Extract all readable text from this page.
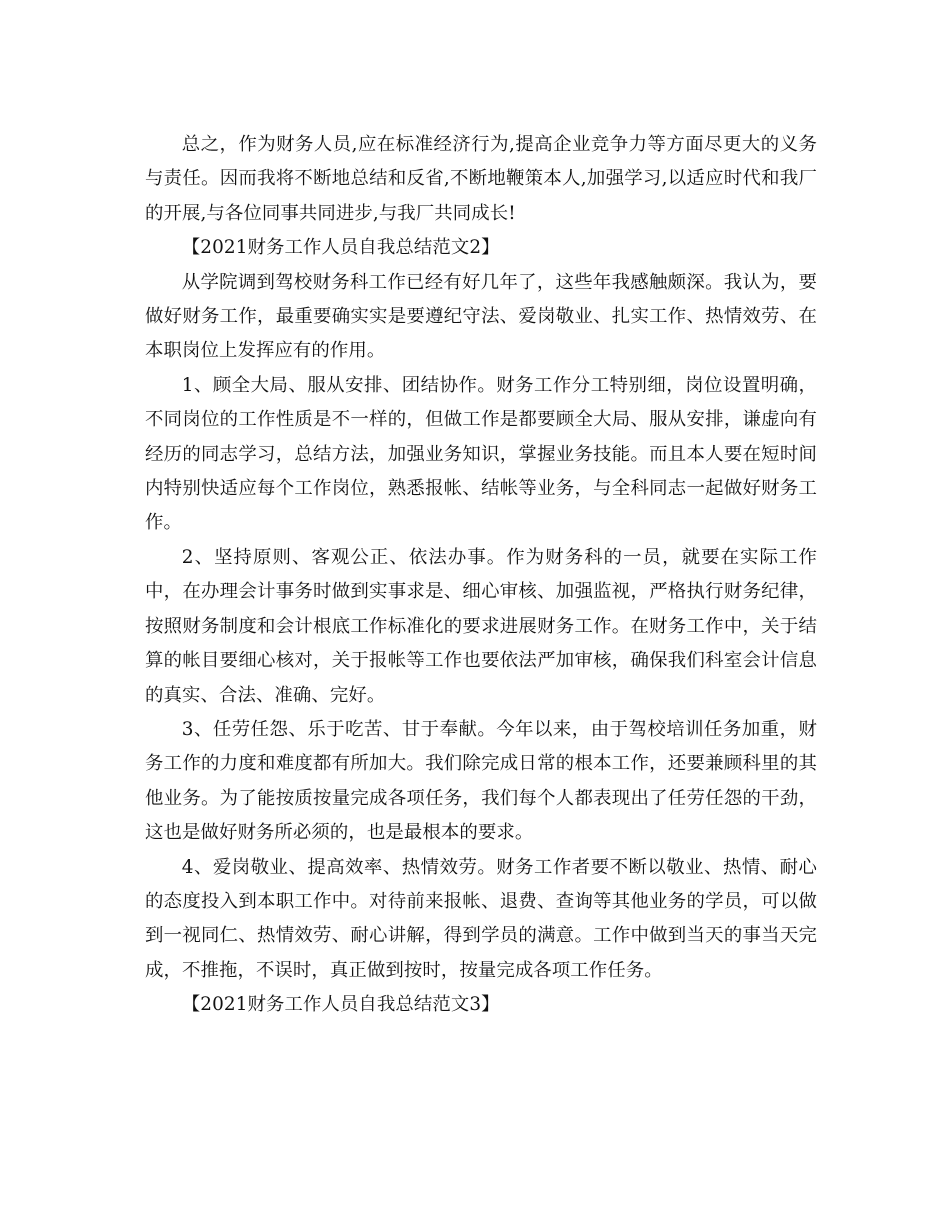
总之，作为财务人员,应在标准经济行为,提高企业竞争力等方面尽更大的义务与责任。因而我将不断地总结和反省,不断地鞭策本人,加强学习,以适应时代和我厂的开展,与各位同事共同进步,与我厂共同成长!

【2021财务工作人员自我总结范文2】

从学院调到驾校财务科工作已经有好几年了，这些年我感触颇深。我认为，要做好财务工作，最重要确实实是要遵纪守法、爱岗敬业、扎实工作、热情效劳、在本职岗位上发挥应有的作用。

1、顾全大局、服从安排、团结协作。财务工作分工特别细，岗位设置明确，不同岗位的工作性质是不一样的，但做工作是都要顾全大局、服从安排，谦虚向有经历的同志学习，总结方法，加强业务知识，掌握业务技能。而且本人要在短时间内特别快适应每个工作岗位，熟悉报帐、结帐等业务，与全科同志一起做好财务工作。

2、坚持原则、客观公正、依法办事。作为财务科的一员，就要在实际工作中，在办理会计事务时做到实事求是、细心审核、加强监视，严格执行财务纪律，按照财务制度和会计根底工作标准化的要求进展财务工作。在财务工作中，关于结算的帐目要细心核对，关于报帐等工作也要依法严加审核，确保我们科室会计信息的真实、合法、准确、完好。

3、任劳任怨、乐于吃苦、甘于奉献。今年以来，由于驾校培训任务加重，财务工作的力度和难度都有所加大。我们除完成日常的根本工作，还要兼顾科里的其他业务。为了能按质按量完成各项任务，我们每个人都表现出了任劳任怨的干劲，这也是做好财务所必须的，也是最根本的要求。

4、爱岗敬业、提高效率、热情效劳。财务工作者要不断以敬业、热情、耐心的态度投入到本职工作中。对待前来报帐、退费、查询等其他业务的学员，可以做到一视同仁、热情效劳、耐心讲解，得到学员的满意。工作中做到当天的事当天完成，不推拖，不误时，真正做到按时，按量完成各项工作任务。

【2021财务工作人员自我总结范文3】
